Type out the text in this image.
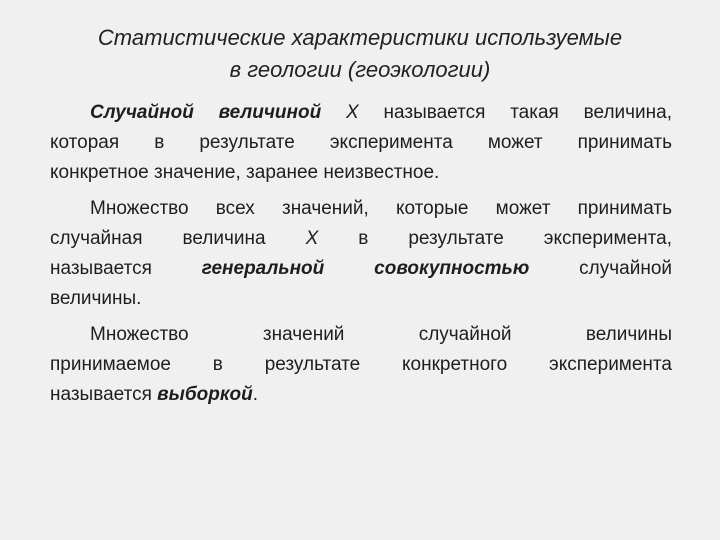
Статистические характеристики используемые
в геологии (геоэкологии)
Случайной величиной X называется такая величина,
которая в результате эксперимента может принимать
конкретное значение, заранее неизвестное.
Множество всех значений, которые может принимать
случайная величина X в результате эксперимента,
называется	генеральной совокупностью	случайной
величины.
Множество значений случайной величины
принимаемое в результате конкретного эксперимента
называется выборкой.
